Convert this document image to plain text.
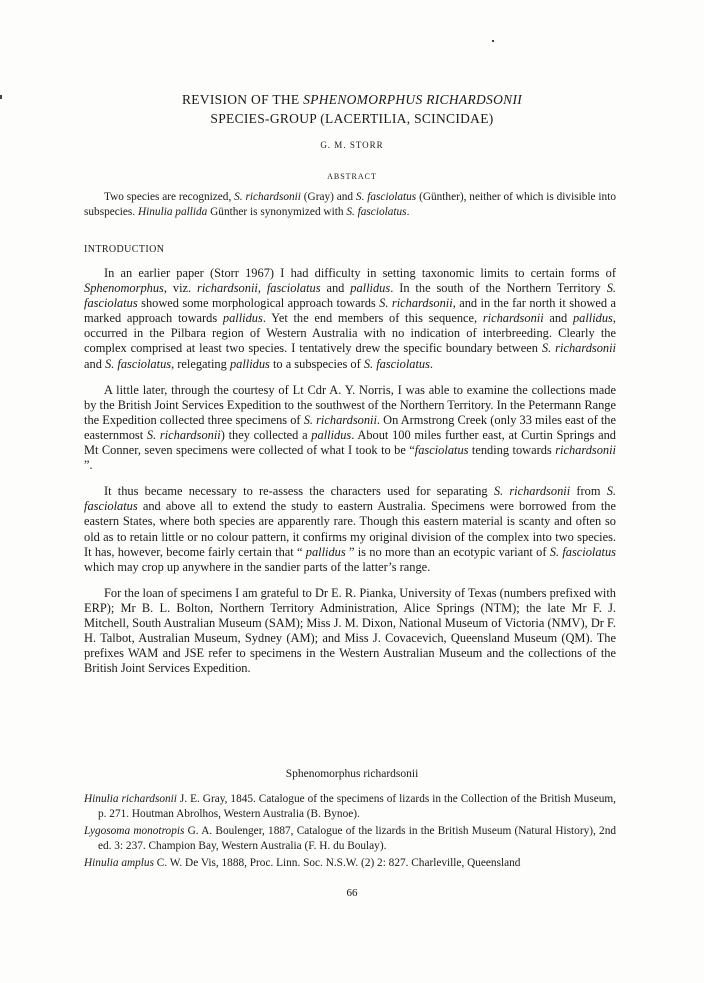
REVISION OF THE SPHENOMORPHUS RICHARDSONII
SPECIES-GROUP (LACERTILIA, SCINCIDAE)
G. M. STORR
ABSTRACT
Two species are recognized, S. richardsonii (Gray) and S. fasciolatus (Günther), neither of which is divisible into subspecies. Hinulia pallida Günther is synonymized with S. fasciolatus.
INTRODUCTION

In an earlier paper (Storr 1967) I had difficulty in setting taxonomic limits to certain forms of Sphenomorphus, viz. richardsonii, fasciolatus and pallidus. In the south of the Northern Territory S. fasciolatus showed some morphological approach towards S. richardsonii, and in the far north it showed a marked approach towards pallidus. Yet the end members of this sequence, richardsonii and pallidus, occurred in the Pilbara region of Western Australia with no indication of interbreeding. Clearly the complex comprised at least two species. I tentatively drew the specific boundary between S. richardsonii and S. fasciolatus, relegating pallidus to a subspecies of S. fasciolatus.

A little later, through the courtesy of Lt Cdr A. Y. Norris, I was able to examine the collections made by the British Joint Services Expedition to the southwest of the Northern Territory. In the Petermann Range the Expedition collected three specimens of S. richardsonii. On Armstrong Creek (only 33 miles east of the easternmost S. richardsonii) they collected a pallidus. About 100 miles further east, at Curtin Springs and Mt Conner, seven specimens were collected of what I took to be “fasciolatus tending towards richardsonii ”.

It thus became necessary to re-assess the characters used for separating S. richardsonii from S. fasciolatus and above all to extend the study to eastern Australia. Specimens were borrowed from the eastern States, where both species are apparently rare. Though this eastern material is scanty and often so old as to retain little or no colour pattern, it confirms my original division of the complex into two species. It has, however, become fairly certain that “ pallidus ” is no more than an ecotypic variant of S. fasciolatus which may crop up anywhere in the sandier parts of the latter’s range.

For the loan of specimens I am grateful to Dr E. R. Pianka, University of Texas (numbers prefixed with ERP); Mr B. L. Bolton, Northern Territory Administration, Alice Springs (NTM); the late Mr F. J. Mitchell, South Australian Museum (SAM); Miss J. M. Dixon, National Museum of Victoria (NMV), Dr F. H. Talbot, Australian Museum, Sydney (AM); and Miss J. Covacevich, Queensland Museum (QM). The prefixes WAM and JSE refer to specimens in the Western Australian Museum and the collections of the British Joint Services Expedition.

Sphenomorphus richardsonii

Hinulia richardsonii J. E. Gray, 1845. Catalogue of the specimens of lizards in the Collection of the British Museum, p. 271. Houtman Abrolhos, Western Australia (B. Bynoe).

Lygosoma monotropis G. A. Boulenger, 1887, Catalogue of the lizards in the British Museum (Natural History), 2nd ed. 3: 237. Champion Bay, Western Australia (F. H. du Boulay).

Hinulia amplus C. W. De Vis, 1888, Proc. Linn. Soc. N.S.W. (2) 2: 827. Charleville, Queensland

66
